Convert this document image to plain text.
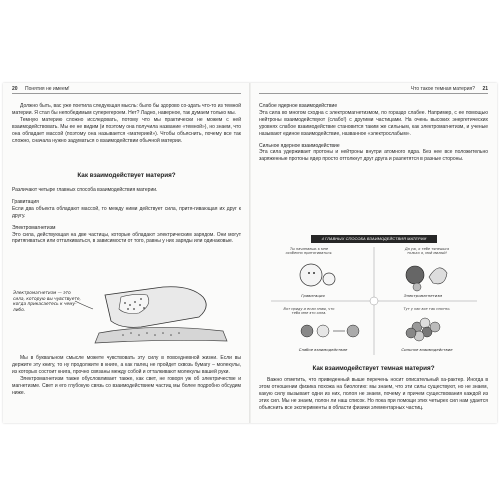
20 Понятия не имеем!

Должно быть, вас уже поетила следующая мысль: было бы здорово со-здать что-то из темной материи. Я стал бы непобедимым суперегероем. Нет? Ладно, наверное, так думаем только мы.

Темную материю сложно исследовать, потому что мы практически не можем с ней взаимодействовать. Мы ее не видим (и поэтому она получила название «темной»), но знаем, что она обладает массой (поэтому она называется «материей»). Чтобы объяснить, почему все так сложно, сначала нужно задуматься о взаимодействии обычной материи.

Как взаимодействует материя?

Различают четыре главных способа взаимодействия материи.

Гравитация

Если два объекта обладают массой, то между ними действует сила, притя-гивающая их друг к другу.

Электромагнетизм

Это сила, действующая на две частицы, которые обладают электрическим зарядом. Они могут притягиваться или отталкиваться, в зависимости от того, равны у них заряды или одинаковые.

Электромагнетизм — это сила, которую вы чувствуете, когда прикасаетесь к чему-либо.

Мы в буквальном смысле можете чувствовать эту силу в повседневной жизни. Если вы держите эту книгу, то ну продолжите в книге, а как палец не пройдет сквозь бумагу – молекулы, из которых состоит книга, прочно связаны между собой и отталкивают молекулы вашей руки.

Электромагнетизм также обусловливает также, как свет, не говоря уж об электричестве и магнетизме. Свет и его глубокую связь со взаимодействием частиц мы более подробно обсудим ниже.

Что такое темная материя? 21

Слабое ядерное взаимодействие

Эта сила во многом сходна с электромагнетизмом, по гораздо слабее. Например, с ее помощью нейтроны взаимодействуют (слабо!) с другими частицами. На очень высоких энергетических уровнях слабое взаимодействие становится таким же сильным, как электромагнетизм, и ученые называют единое взаимодействие, названное «электрослабым».

Сильное ядерное взаимодействие

Эта сила удерживает протоны и нейтроны внутри атомного ядра. Без нее все положительно заряженные протоны ядер просто оттолкнут друг друга и разлетятся в разные стороны.

4 ГЛАВНЫХ СПОСОБА ВЗАИМОДЕЙСТВИЯ МАТЕРИИ
Ты начинаешь к мне особенно притягиваться.
Да уж, к тебе тянешься только я, мой милый!
Вот приду и если знаю, что тебя мне это сила.
Тут у нас все так плотно.
Гравитация	Электромагнетизм
Слабое взаимодействие	Сильное взаимодействие
Как взаимодействует темная материя?

Важно отметить, что приведенный выше перечень носит описательный ха-рактер. Иногда в этом отношении физика похожа на биологию: мы знаем, что эти силы существуют, но не знаем, какую силу вызывает одни из них, полоя не знаем, почему и причем существования каждой из этих сил. Мы не знаем, полон ли наш список. Но пока при помощи этих четырех сил нам удается объяснить все эксперименты в области физики элементарных частиц.
